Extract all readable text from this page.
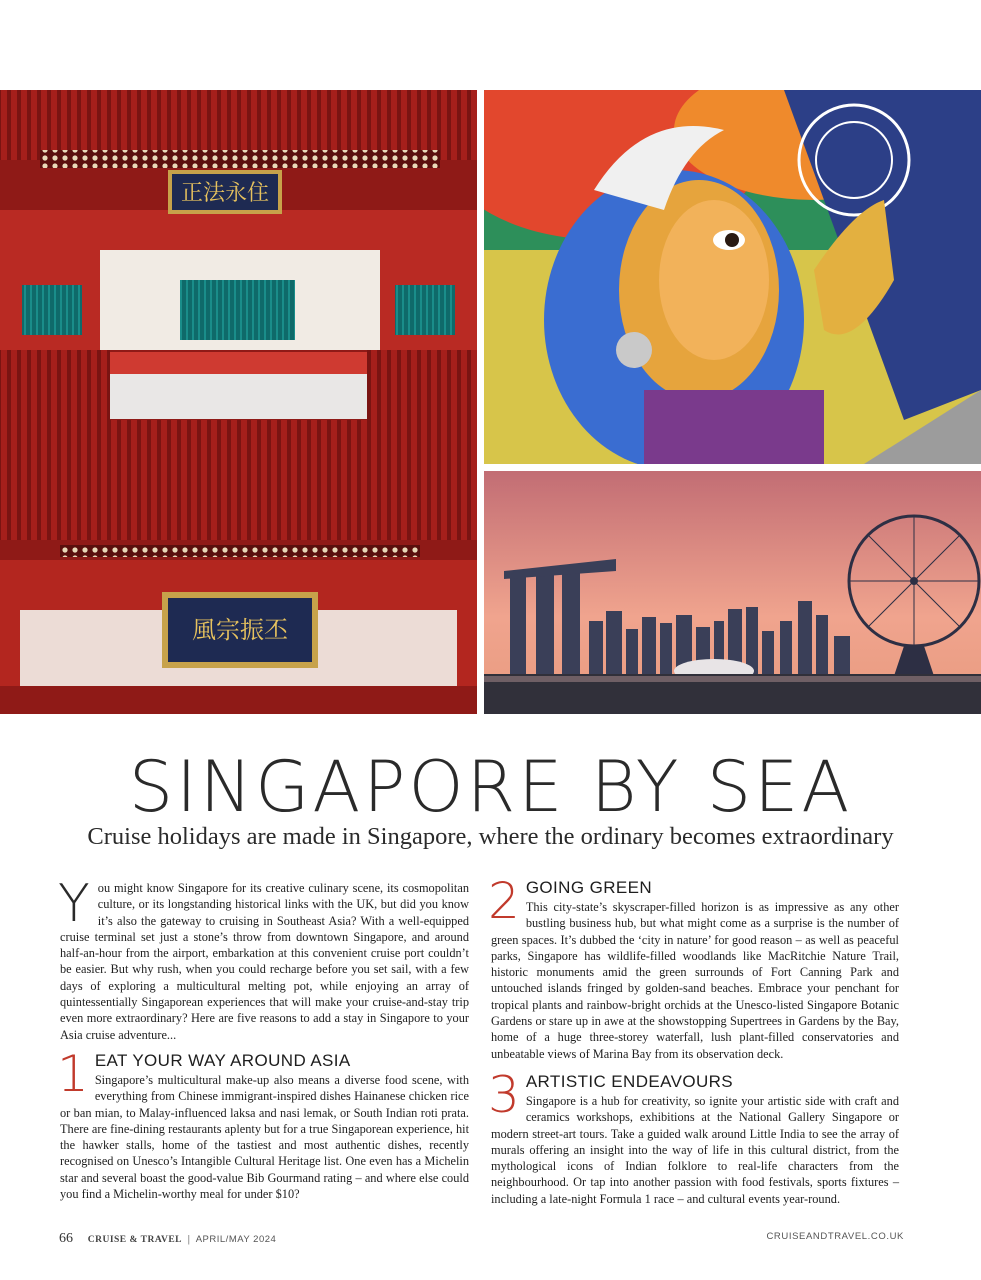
正法永住
風宗振丕
SINGAPORE BY SEA

Cruise holidays are made in Singapore, where the ordinary becomes extraordinary

You might know Singapore for its creative culinary scene, its cosmopolitan culture, or its longstanding historical links with the UK, but did you know it’s also the gateway to cruising in Southeast Asia? With a well-equipped cruise terminal set just a stone’s throw from downtown Singapore, and around half-an-hour from the airport, embarkation at this convenient cruise port couldn’t be easier. But why rush, when you could recharge before you set sail, with a few days of exploring a multicultural melting pot, while enjoying an array of quintessentially Singaporean experiences that will make your cruise-and-stay trip even more extraordinary? Here are five reasons to add a stay in Singapore to your Asia cruise adventure...

1 EAT YOUR WAY AROUND ASIA

Singapore’s multicultural make-up also means a diverse food scene, with everything from Chinese immigrant-inspired dishes Hainanese chicken rice or ban mian, to Malay-influenced laksa and nasi lemak, or South Indian roti prata. There are fine-dining restaurants aplenty but for a true Singaporean experience, hit the hawker stalls, home of the tastiest and most authentic dishes, recently recognised on Unesco’s Intangible Cultural Heritage list. One even has a Michelin star and several boast the good-value Bib Gourmand rating – and where else could you find a Michelin-worthy meal for under $10?

2 GOING GREEN

This city-state’s skyscraper-filled horizon is as impressive as any other bustling business hub, but what might come as a surprise is the number of green spaces. It’s dubbed the ‘city in nature’ for good reason – as well as peaceful parks, Singapore has wildlife-filled woodlands like MacRitchie Nature Trail, historic monuments amid the green surrounds of Fort Canning Park and untouched islands fringed by golden-sand beaches. Embrace your penchant for tropical plants and rainbow-bright orchids at the Unesco-listed Singapore Botanic Gardens or stare up in awe at the showstopping Supertrees in Gardens by the Bay, home of a huge three-storey waterfall, lush plant-filled conservatories and unbeatable views of Marina Bay from its observation deck.

3 ARTISTIC ENDEAVOURS

Singapore is a hub for creativity, so ignite your artistic side with craft and ceramics workshops, exhibitions at the National Gallery Singapore or modern street-art tours. Take a guided walk around Little India to see the array of murals offering an insight into the way of life in this cultural district, from the mythological icons of Indian folklore to real-life characters from the neighbourhood. Or tap into another passion with food festivals, sports fixtures – including a late-night Formula 1 race – and cultural events year-round.

66 CRUISE & TRAVEL | APRIL/MAY 2024	CRUISEANDTRAVEL.CO.UK
